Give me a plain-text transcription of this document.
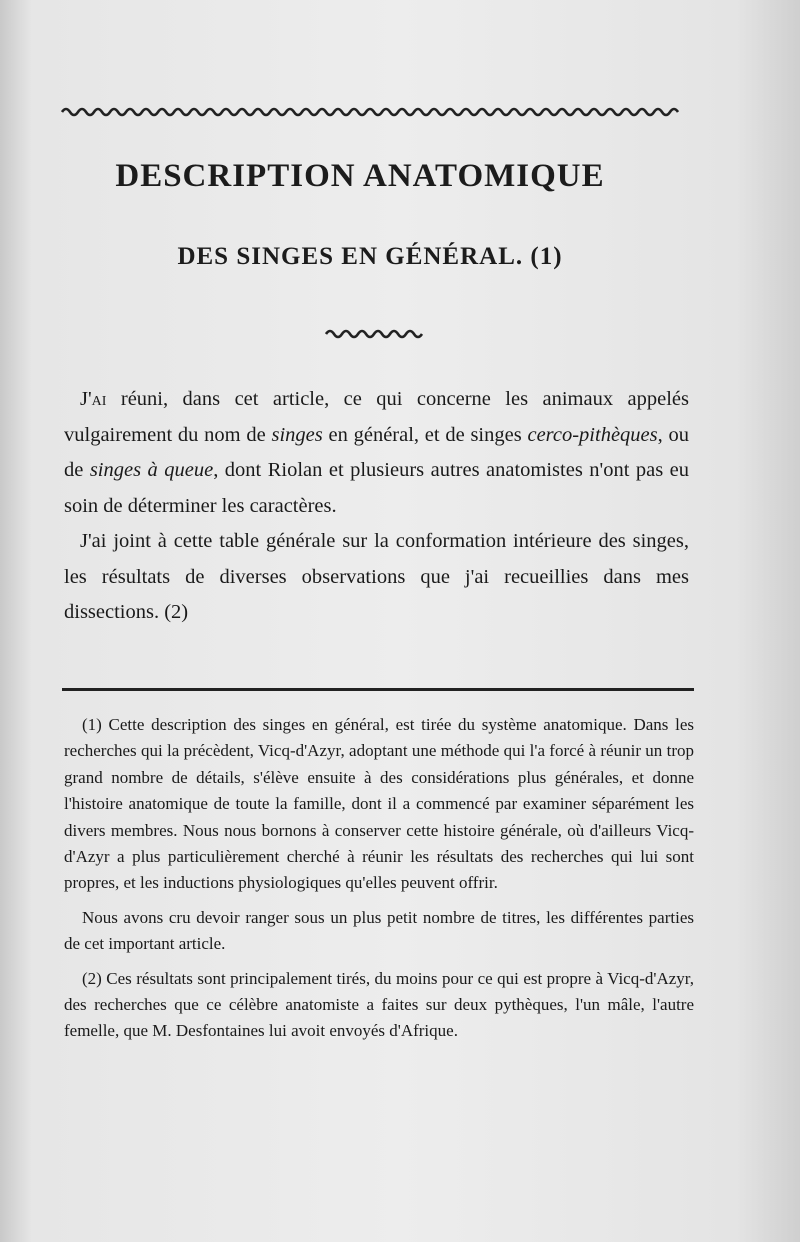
DESCRIPTION ANATOMIQUE
DES SINGES EN GÉNÉRAL. (1)

J'ai réuni, dans cet article, ce qui concerne les animaux appelés vulgairement du nom de singes en général, et de singes cerco-pithèques, ou de singes à queue, dont Riolan et plusieurs autres anatomistes n'ont pas eu soin de déterminer les caractères.

J'ai joint à cette table générale sur la conformation intérieure des singes, les résultats de diverses observations que j'ai recueillies dans mes dissections. (2)

(1) Cette description des singes en général, est tirée du système anatomique. Dans les recherches qui la précèdent, Vicq-d'Azyr, adoptant une méthode qui l'a forcé à réunir un trop grand nombre de détails, s'élève ensuite à des considérations plus générales, et donne l'histoire anatomique de toute la famille, dont il a commencé par examiner séparément les divers membres. Nous nous bornons à conserver cette histoire générale, où d'ailleurs Vicq-d'Azyr a plus particulièrement cherché à réunir les résultats des recherches qui lui sont propres, et les inductions physiologiques qu'elles peuvent offrir.

Nous avons cru devoir ranger sous un plus petit nombre de titres, les différentes parties de cet important article.

(2) Ces résultats sont principalement tirés, du moins pour ce qui est propre à Vicq-d'Azyr, des recherches que ce célèbre anatomiste a faites sur deux pythèques, l'un mâle, l'autre femelle, que M. Desfontaines lui avoit envoyés d'Afrique.
